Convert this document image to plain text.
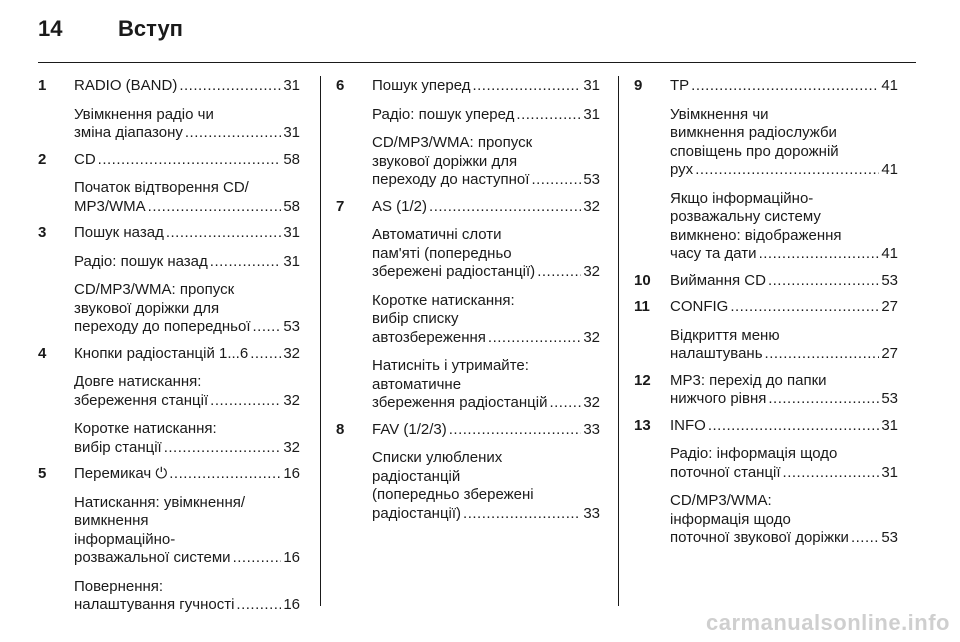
14	Вступ
1 RADIO (BAND) .....	31
Увімкнення радіо чи
зміна діапазону .....	31
2 CD .....	58
Початок відтворення CD/
MP3/WMA .....	58
3 Пошук назад .....	31
Радіо: пошук назад .....	31
CD/MP3/WMA: пропуск
звукової доріжки для
переходу до попередньої ..... 53
4 Кнопки радіостанцій 1...6 ..... 32
Довге натискання:
збереження станції .....	32
Коротке натискання:
вибір станції .....	32
5 Перемикач ⏻ .....	16
Натискання: увімкнення/
вимкнення
інформаційно-
розважальної системи .....	16
Повернення:
налаштування гучності .....	16
6 Пошук уперед .....	31
Радіо: пошук уперед .....	31
CD/MP3/WMA: пропуск
звукової доріжки для
переходу до наступної .....	53
7 AS (1/2) .....	32
Автоматичні слоти
пам'яті (попередньо
збережені радіостанції) .....	32
Коротке натискання:
вибір списку
автозбереження .....	32
Натисніть і утримайте:
автоматичне
збереження радіостанцій ..... 32
8 FAV (1/2/3) .....	33
Списки улюблених
радіостанцій
(попередньо збережені
радіостанції) .....	33
9 TP .....	41
Увімкнення чи
вимкнення радіослужби
сповіщень про дорожній
рух .....	41
Якщо інформаційно-
розважальну систему
вимкнено: відображення
часу та дати .....	41
10 Виймання CD .....	53
11 CONFIG .....	27
Відкриття меню
налаштувань .....	27
12 MP3: перехід до папки
нижчого рівня .....	53
13 INFO .....	31
Радіо: інформація щодо
поточної станції .....	31
CD/MP3/WMA:
інформація щодо
поточної звукової доріжки ..... 53
carmanualsonline.info
